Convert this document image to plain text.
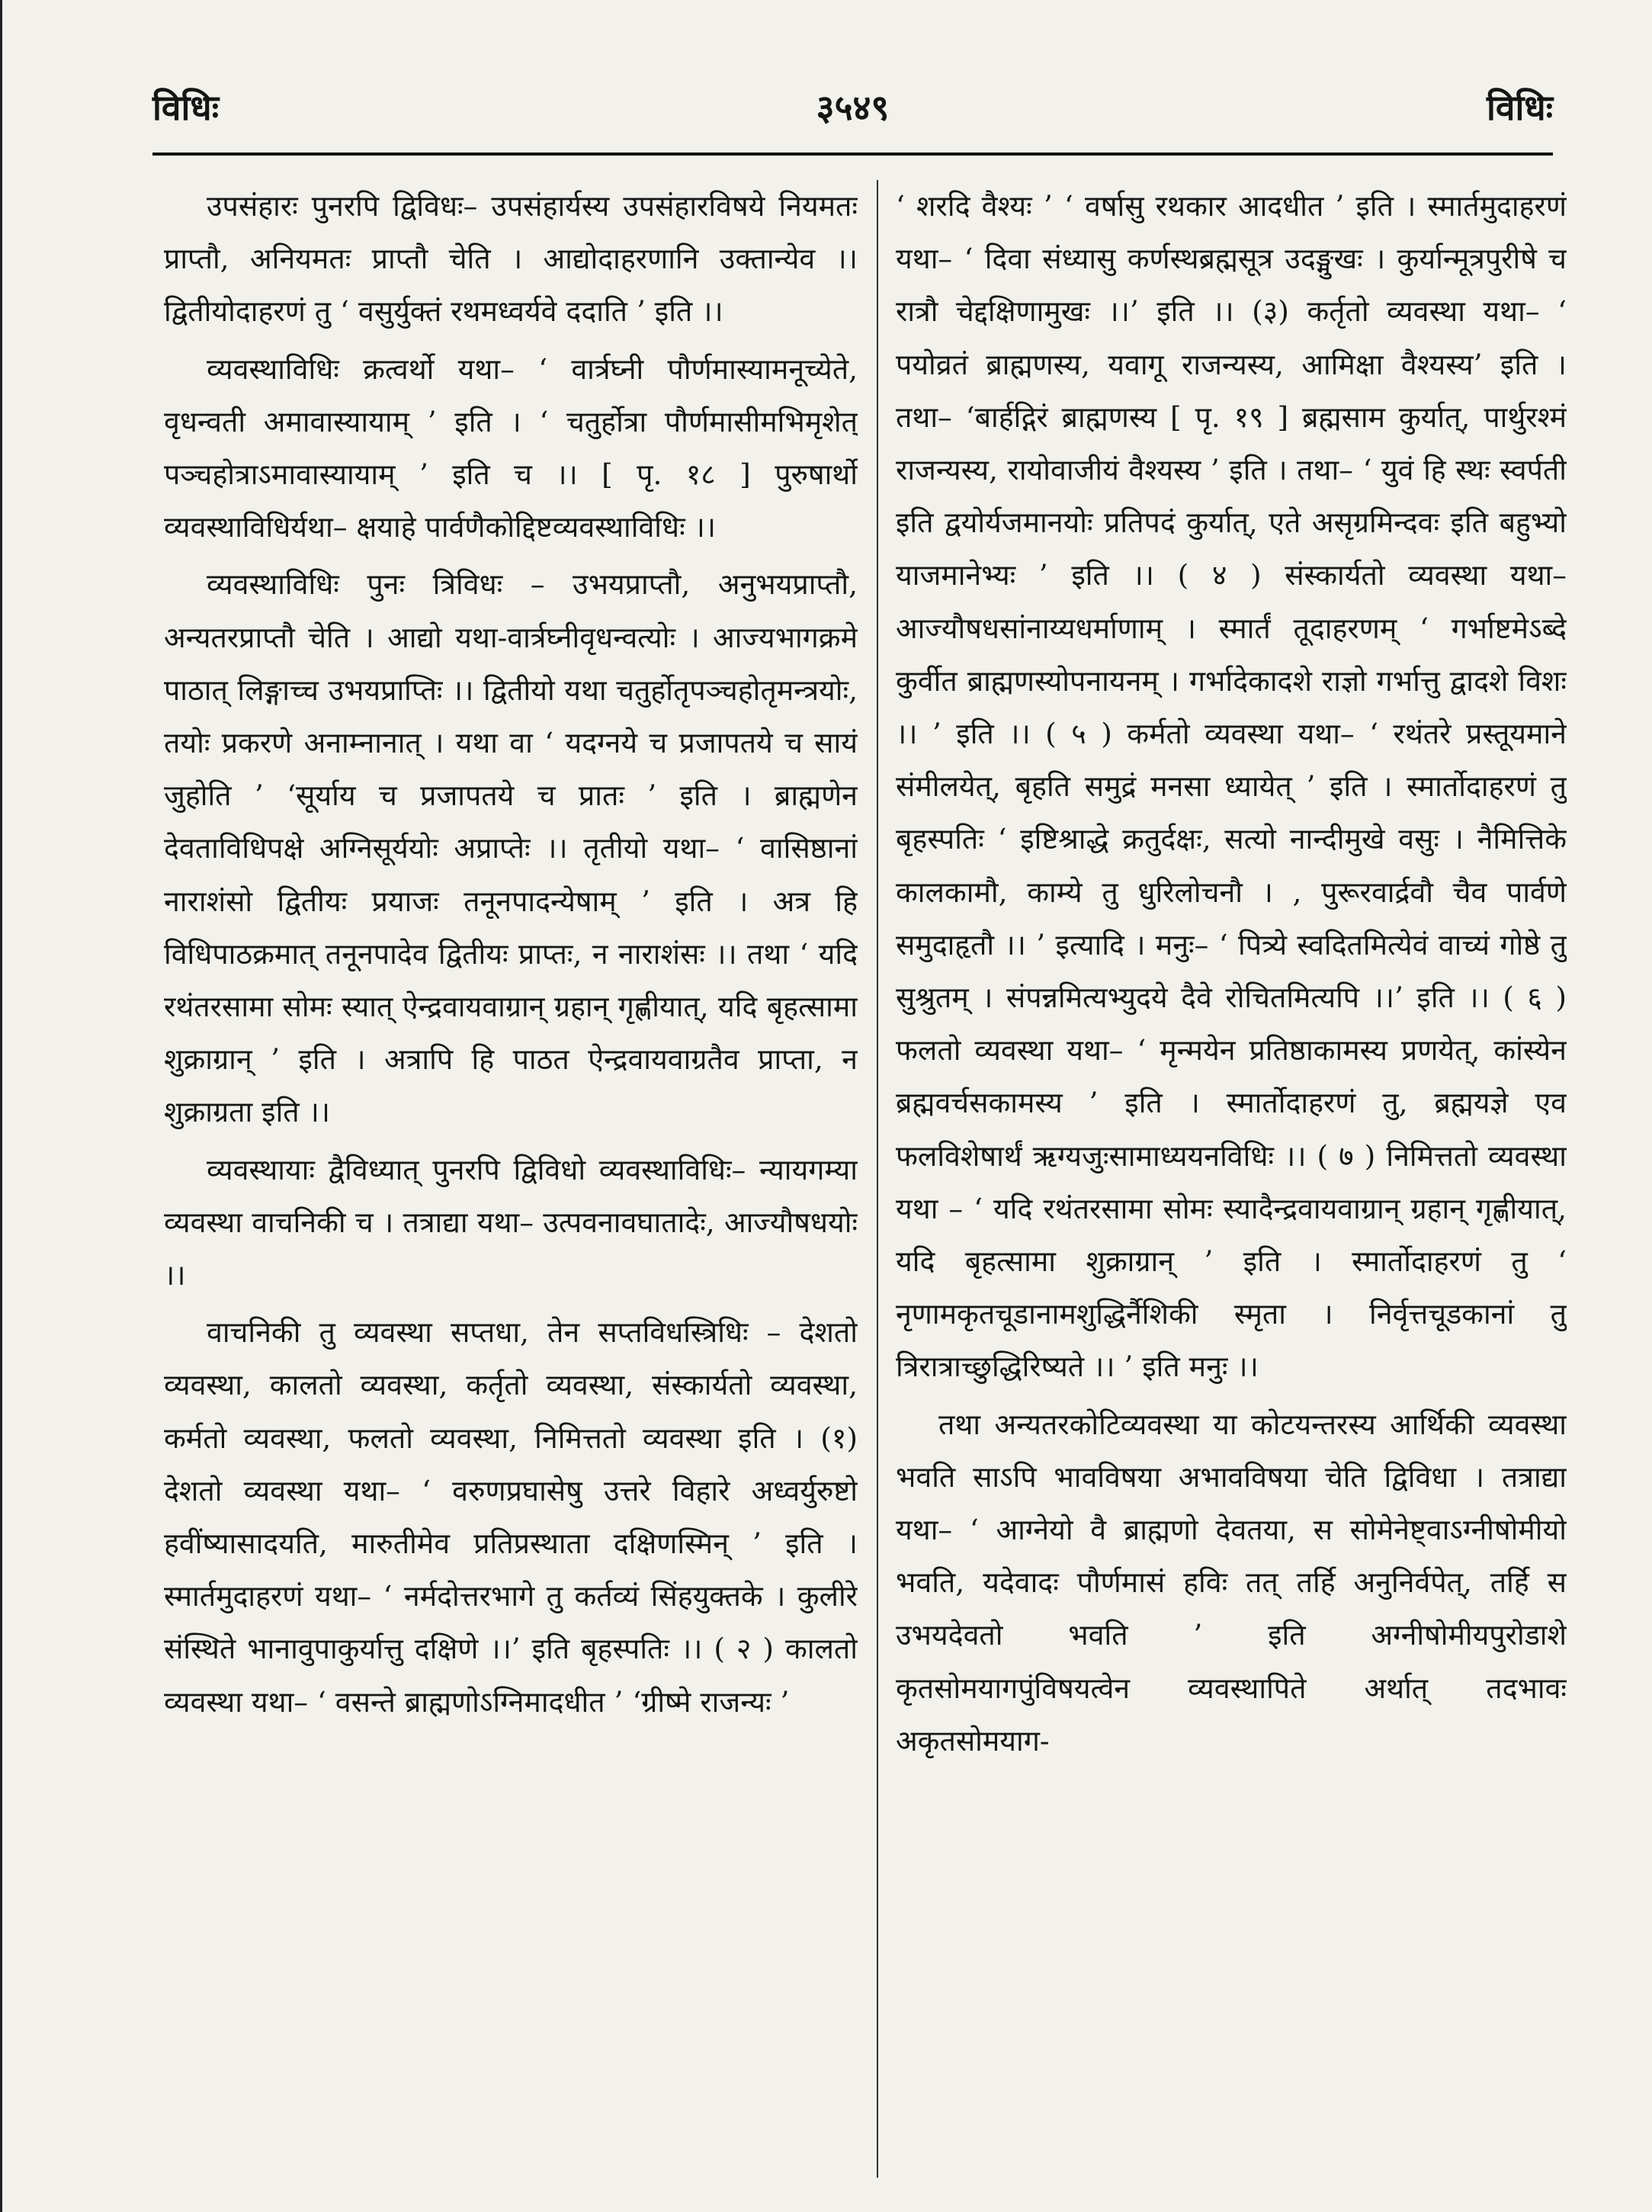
विधिः	३५४९	विधिः

उपसंहारः पुनरपि द्विविधः– उपसंहार्यस्य उपसंहारविषये नियमतः प्राप्तौ, अनियमतः प्राप्तौ चेति । आद्योदाहरणानि उक्तान्येव ।। द्वितीयोदाहरणं तु ‘ वसुर्युक्तं रथमध्वर्यवे ददाति ’ इति ।।

व्यवस्थाविधिः क्रत्वर्थो यथा– ‘ वार्त्रघ्नी पौर्णमास्यामनूच्येते, वृधन्वती अमावास्यायाम् ’ इति । ‘ चतुर्होत्रा पौर्णमासीमभिमृशेत् पञ्चहोत्राऽमावास्यायाम् ’ इति च ।। [ पृ. १८ ] पुरुषार्थो व्यवस्थाविधिर्यथा– क्षयाहे पार्वणैकोद्दिष्टव्यवस्थाविधिः ।।

व्यवस्थाविधिः पुनः त्रिविधः – उभयप्राप्तौ, अनुभयप्राप्तौ, अन्यतरप्राप्तौ चेति । आद्यो यथा-वार्त्रघ्नीवृधन्वत्योः । आज्यभागक्रमे पाठात् लिङ्गाच्च उभयप्राप्तिः ।। द्वितीयो यथा चतुर्होतृपञ्चहोतृमन्त्रयोः, तयोः प्रकरणे अनाम्नानात् । यथा वा ‘ यदग्नये च प्रजापतये च सायं जुहोति ’ ‘सूर्याय च प्रजापतये च प्रातः ’ इति । ब्राह्मणेन देवताविधिपक्षे अग्निसूर्ययोः अप्राप्तेः ।। तृतीयो यथा– ‘ वासिष्ठानां नाराशंसो द्वितीयः प्रयाजः तनूनपादन्येषाम् ’ इति । अत्र हि विधिपाठक्रमात् तनूनपादेव द्वितीयः प्राप्तः, न नाराशंसः ।। तथा ‘ यदि रथंतरसामा सोमः स्यात् ऐन्द्रवायवाग्रान् ग्रहान् गृह्णीयात्, यदि बृहत्सामा शुक्राग्रान् ’ इति । अत्रापि हि पाठत ऐन्द्रवायवाग्रतैव प्राप्ता, न शुक्राग्रता इति ।।

व्यवस्थायाः द्वैविध्यात् पुनरपि द्विविधो व्यवस्थाविधिः– न्यायगम्या व्यवस्था वाचनिकी च । तत्राद्या यथा– उत्पवनावघातादेः, आज्यौषधयोः ।।

वाचनिकी तु व्यवस्था सप्तधा, तेन सप्तविधस्त्रिधिः – देशतो व्यवस्था, कालतो व्यवस्था, कर्तृतो व्यवस्था, संस्कार्यतो व्यवस्था, कर्मतो व्यवस्था, फलतो व्यवस्था, निमित्ततो व्यवस्था इति । (१) देशतो व्यवस्था यथा– ‘ वरुणप्रघासेषु उत्तरे विहारे अध्वर्युरुष्टो हवींष्यासादयति, मारुतीमेव प्रतिप्रस्थाता दक्षिणस्मिन् ’ इति । स्मार्तमुदाहरणं यथा– ‘ नर्मदोत्तरभागे तु कर्तव्यं सिंहयुक्तके । कुलीरे संस्थिते भानावुपाकुर्यात्तु दक्षिणे ।।’ इति बृहस्पतिः ।। ( २ ) कालतो व्यवस्था यथा– ‘ वसन्ते ब्राह्मणोऽग्निमादधीत ’ ‘ग्रीष्मे राजन्यः ’

‘ शरदि वैश्यः ’ ‘ वर्षासु रथकार आदधीत ’ इति । स्मार्तमुदाहरणं यथा– ‘ दिवा संध्यासु कर्णस्थब्रह्मसूत्र उदङ्मुखः । कुर्यान्मूत्रपुरीषे च रात्रौ चेद्दक्षिणामुखः ।।’ इति ।। (३) कर्तृतो व्यवस्था यथा– ‘ पयोव्रतं ब्राह्मणस्य, यवागू राजन्यस्य, आमिक्षा वैश्यस्य’ इति । तथा– ‘बार्हद्गिरं ब्राह्मणस्य [ पृ. १९ ] ब्रह्मसाम कुर्यात्, पार्थुरश्मं राजन्यस्य, रायोवाजीयं वैश्यस्य ’ इति । तथा– ‘ युवं हि स्थः स्वर्पती इति द्वयोर्यजमानयोः प्रतिपदं कुर्यात्, एते असृग्रमिन्दवः इति बहुभ्यो याजमानेभ्यः ’ इति ।। ( ४ ) संस्कार्यतो व्यवस्था यथा– आज्यौषधसांनाय्यधर्माणाम् । स्मार्तं तूदाहरणम् ‘ गर्भाष्टमेऽब्दे कुर्वीत ब्राह्मणस्योपनायनम् । गर्भादेकादशे राज्ञो गर्भात्तु द्वादशे विशः ।। ’ इति ।। ( ५ ) कर्मतो व्यवस्था यथा– ‘ रथंतरे प्रस्तूयमाने संमीलयेत्, बृहति समुद्रं मनसा ध्यायेत् ’ इति । स्मार्तोदाहरणं तु बृहस्पतिः ‘ इष्टिश्राद्धे क्रतुर्दक्षः, सत्यो नान्दीमुखे वसुः । नैमित्तिके कालकामौ, काम्ये तु धुरिलोचनौ । , पुरूरवार्द्रवौ चैव पार्वणे समुदाहृतौ ।। ’ इत्यादि । मनुः– ‘ पित्र्ये स्वदितमित्येवं वाच्यं गोष्ठे तु सुश्रुतम् । संपन्नमित्यभ्युदये दैवे रोचितमित्यपि ।।’ इति ।। ( ६ ) फलतो व्यवस्था यथा– ‘ मृन्मयेन प्रतिष्ठाकामस्य प्रणयेत्, कांस्येन ब्रह्मवर्चसकामस्य ’ इति । स्मार्तोदाहरणं तु, ब्रह्मयज्ञे एव फलविशेषार्थं ऋग्यजुःसामाध्ययनविधिः ।। ( ७ ) निमित्ततो व्यवस्था यथा – ‘ यदि रथंतरसामा सोमः स्यादैन्द्रवायवाग्रान् ग्रहान् गृह्णीयात्, यदि बृहत्सामा शुक्राग्रान् ’ इति । स्मार्तोदाहरणं तु ‘ नृणामकृतचूडानामशुद्धिर्नैशिकी स्मृता । निर्वृत्तचूडकानां तु त्रिरात्राच्छुद्धिरिष्यते ।। ’ इति मनुः ।।

तथा अन्यतरकोटिव्यवस्था या कोटयन्तरस्य आर्थिकी व्यवस्था भवति साऽपि भावविषया अभावविषया चेति द्विविधा । तत्राद्या यथा– ‘ आग्नेयो वै ब्राह्मणो देवतया, स सोमेनेष्ट्वाऽग्नीषोमीयो भवति, यदेवादः पौर्णमासं हविः तत् तर्हि अनुनिर्वपेत्, तर्हि स उभयदेवतो भवति ’ इति अग्नीषोमीयपुरोडाशे कृतसोमयागपुंविषयत्वेन व्यवस्थापिते अर्थात् तदभावः अकृतसोमयाग-
